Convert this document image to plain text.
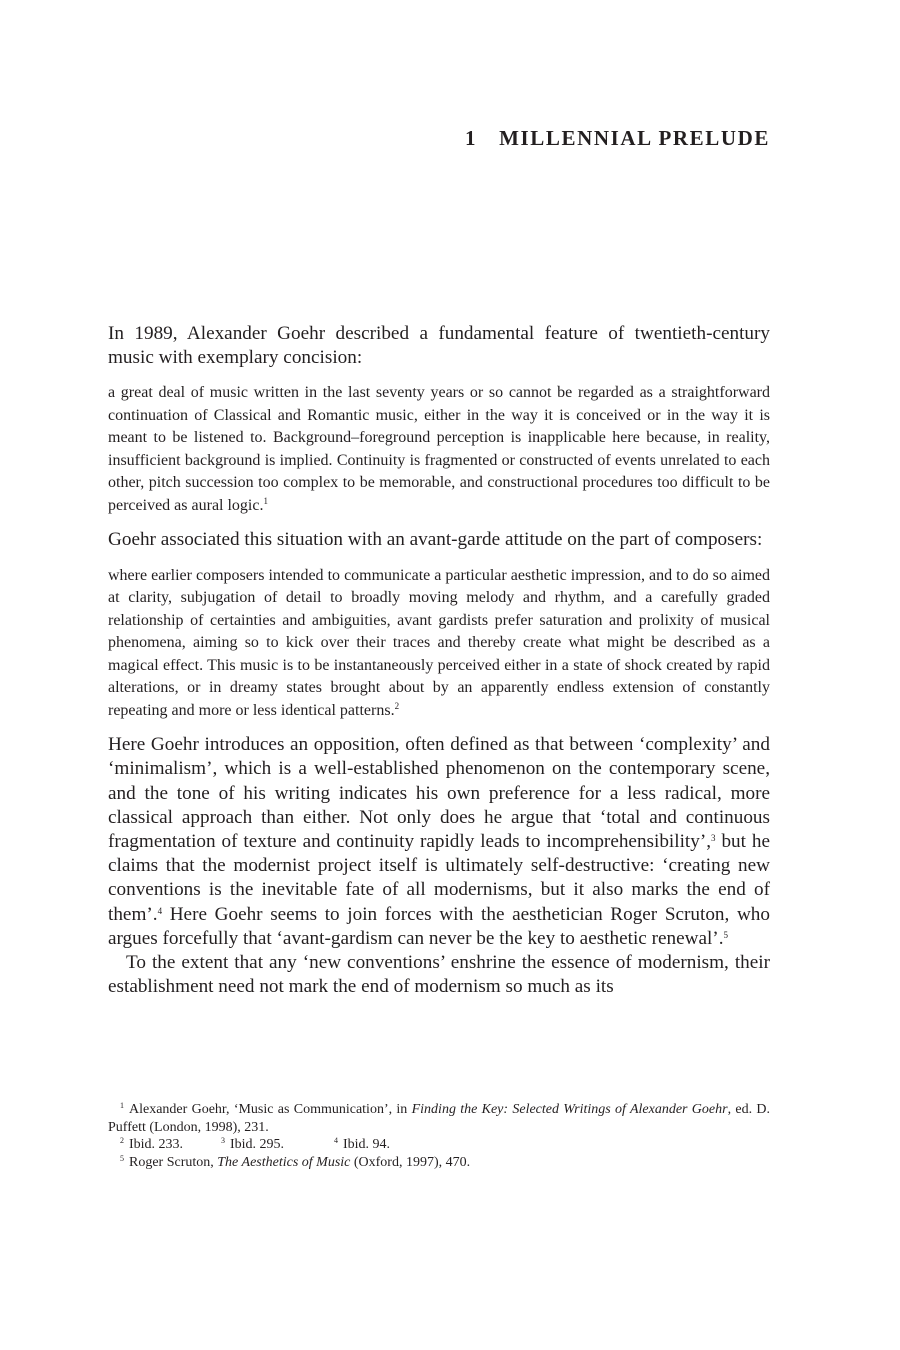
1 MILLENNIAL PRELUDE

In 1989, Alexander Goehr described a fundamental feature of twentieth-century music with exemplary concision:

a great deal of music written in the last seventy years or so cannot be regarded as a straightforward continuation of Classical and Romantic music, either in the way it is conceived or in the way it is meant to be listened to. Background–foreground perception is inapplicable here because, in reality, insufficient background is implied. Continuity is fragmented or constructed of events unrelated to each other, pitch succession too complex to be memorable, and constructional procedures too difficult to be perceived as aural logic.$^1$

Goehr associated this situation with an avant-garde attitude on the part of composers:

where earlier composers intended to communicate a particular aesthetic impression, and to do so aimed at clarity, subjugation of detail to broadly moving melody and rhythm, and a carefully graded relationship of certainties and ambiguities, avant gardists prefer saturation and prolixity of musical phenomena, aiming so to kick over their traces and thereby create what might be described as a magical effect. This music is to be instantaneously perceived either in a state of shock created by rapid alterations, or in dreamy states brought about by an apparently endless extension of constantly repeating and more or less identical patterns.$^2$

Here Goehr introduces an opposition, often defined as that between ‘complexity’ and ‘minimalism’, which is a well-established phenomenon on the contemporary scene, and the tone of his writing indicates his own preference for a less radical, more classical approach than either. Not only does he argue that ‘total and continuous fragmentation of texture and continuity rapidly leads to incomprehensibility’,$^3$ but he claims that the modernist project itself is ultimately self-destructive: ‘creating new conventions is the inevitable fate of all modernisms, but it also marks the end of them’.$^4$ Here Goehr seems to join forces with the aesthetician Roger Scruton, who argues forcefully that ‘avant-gardism can never be the key to aesthetic renewal’.$^5$

To the extent that any ‘new conventions’ enshrine the essence of modernism, their establishment need not mark the end of modernism so much as its

$^1$ Alexander Goehr, ‘Music as Communication’, in Finding the Key: Selected Writings of Alexander Goehr, ed. D. Puffett (London, 1998), 231.

$^2$ Ibid. 233.	$^3$ Ibid. 295.	$^4$ Ibid. 94.

$^5$ Roger Scruton, The Aesthetics of Music (Oxford, 1997), 470.
